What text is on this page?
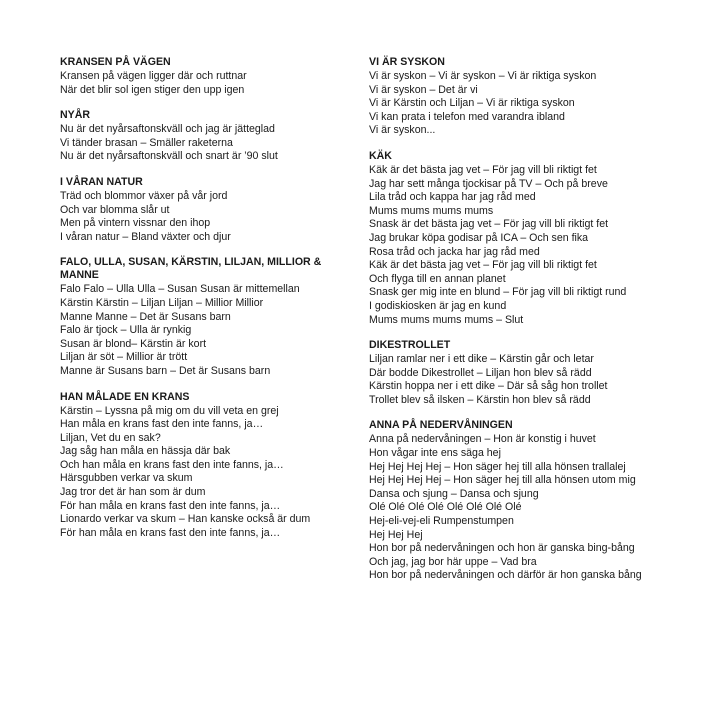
KRANSEN PÅ VÄGEN
Kransen på vägen ligger där och ruttnar
När det blir sol igen stiger den upp igen
NYÅR
Nu är det nyårsaftonskväll och jag är jätteglad
Vi tänder brasan – Smäller raketerna
Nu är det nyårsaftonskväll och snart är ’90 slut
I VÅRAN NATUR
Träd och blommor växer på vår jord
Och var blomma slår ut
Men på vintern vissnar den ihop
I våran natur – Bland växter och djur
FALO, ULLA, SUSAN, KÄRSTIN, LILJAN, MILLIOR & MANNE
Falo Falo – Ulla Ulla – Susan Susan är mittemellan
Kärstin Kärstin – Liljan Liljan – Millior Millior
Manne Manne – Det är Susans barn
Falo är tjock – Ulla är rynkig
Susan är blond– Kärstin är kort
Liljan är söt – Millior är trött
Manne är Susans barn – Det är Susans barn
HAN MÅLADE EN KRANS
Kärstin – Lyssna på mig om du vill veta en grej
Han måla en krans fast den inte fanns, ja…
Liljan, Vet du en sak?
Jag såg han måla en hässja där bak
Och han måla en krans fast den inte fanns, ja…
Härsgubben verkar va skum
Jag tror det är han som är dum
För han måla en krans fast den inte fanns, ja…
Lionardo verkar va skum – Han kanske också är dum
För han måla en krans fast den inte fanns, ja…
VI ÄR SYSKON
Vi är syskon – Vi är syskon – Vi är riktiga syskon
Vi är syskon – Det är vi
Vi är Kärstin och Liljan – Vi är riktiga syskon
Vi kan prata i telefon med varandra ibland
Vi är syskon...
KÄK
Käk är det bästa jag vet – För jag vill bli riktigt fet
Jag har sett många tjockisar på TV – Och på breve
Lila tråd och kappa har jag råd med
Mums mums mums mums
Snask är det bästa jag vet – För jag vill bli riktigt fet
Jag brukar köpa godisar på ICA – Och sen fika
Rosa tråd och jacka har jag råd med
Käk är det bästa jag vet – För jag vill bli riktigt fet
Och flyga till en annan planet
Snask ger mig inte en blund – För jag vill bli riktigt rund
I godiskiosken är jag en kund
Mums mums mums mums – Slut
DIKESTROLLET
Liljan ramlar ner i ett dike – Kärstin går och letar
Där bodde Dikestrollet – Liljan hon blev så rädd
Kärstin hoppa ner i ett dike – Där så såg hon trollet
Trollet blev så ilsken – Kärstin hon blev så rädd
ANNA PÅ NEDERVÅNINGEN
Anna på nedervåningen – Hon är konstig i huvet
Hon vågar inte ens säga hej
Hej Hej Hej Hej – Hon säger hej till alla hönsen trallalej
Hej Hej Hej Hej – Hon säger hej till alla hönsen utom mig
Dansa och sjung – Dansa och sjung
Olé Olé Olé Olé Olé Olé Olé Olé
Hej-eli-vej-eli Rumpenstumpen
Hej Hej Hej
Hon bor på nedervåningen och hon är ganska bing-bång
Och jag, jag bor här uppe – Vad bra
Hon bor på nedervåningen och därför är hon ganska bång
